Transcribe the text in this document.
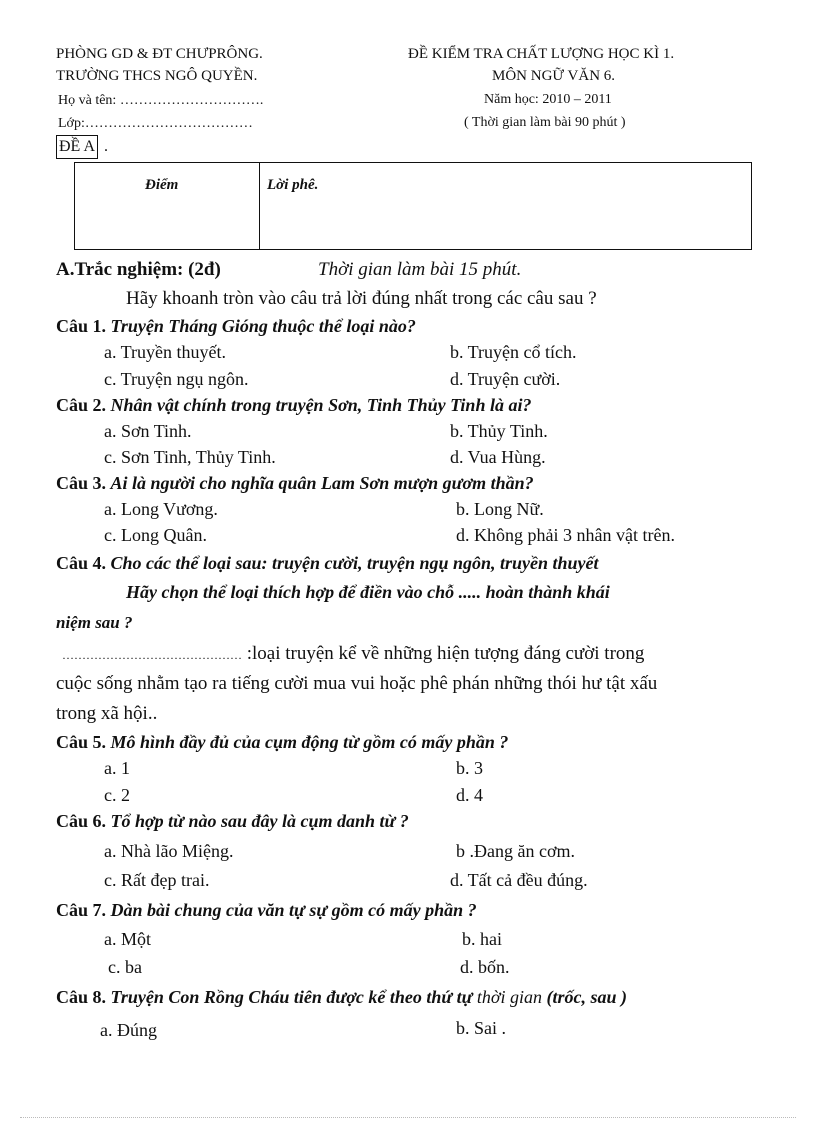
PHÒNG GD & ĐT CHƯPRÔNG.
TRƯỜNG THCS NGÔ QUYỀN.
Họ và tên: ………………………….
Lớp:………………………………
ĐỀ KIỂM TRA CHẤT LƯỢNG HỌC KÌ 1.
MÔN NGỮ VĂN 6.
Năm học: 2010 – 2011
( Thời gian làm bài 90 phút )
ĐỀ A .
Điểm	Lời phê.
A.Trắc nghiệm: (2đ)	Thời gian làm bài 15 phút.
Hãy khoanh tròn vào câu trả lời đúng nhất trong các câu sau ?
Câu 1. Truyện Tháng Gióng thuộc thể loại nào?
a. Truyền thuyết.	b. Truyện cổ tích.
c. Truyện ngụ ngôn.	d. Truyện cười.
Câu 2. Nhân vật chính trong truyện Sơn, Tinh Thủy Tinh là ai?
a. Sơn Tinh.	b. Thủy Tinh.
c. Sơn Tinh, Thủy Tinh.	d. Vua Hùng.
Câu 3. Ai là người cho nghĩa quân Lam Sơn mượn gươm thần?
a. Long Vương.	b. Long Nữ.
c. Long Quân.	d. Không phải 3 nhân vật trên.
Câu 4. Cho các thể loại sau: truyện cười, truyện ngụ ngôn, truyền thuyết
Hãy chọn thể loại thích hợp để điền vào chỗ ..... hoàn thành khái
niệm sau ?
……………………………………… :loại truyện kể về những hiện tượng đáng cười trong
cuộc sống nhằm tạo ra tiếng cười mua vui hoặc phê phán những thói hư tật xấu
trong xã hội..
Câu 5. Mô hình đầy đủ của cụm động từ gồm có mấy phần ?
a. 1	b. 3
c. 2	d. 4
Câu 6. Tổ hợp từ nào sau đây là cụm danh từ ?
a. Nhà lão Miệng.	b .Đang ăn cơm.
c. Rất đẹp trai.	d. Tất cả đều đúng.
Câu 7. Dàn bài chung của văn tự sự gồm có mấy phần ?
a. Một	b. hai
c. ba	d. bốn.
Câu 8. Truyện Con Rồng Cháu tiên được kể theo thứ tự thời gian (trốc, sau )
a. Đúng	b. Sai .
